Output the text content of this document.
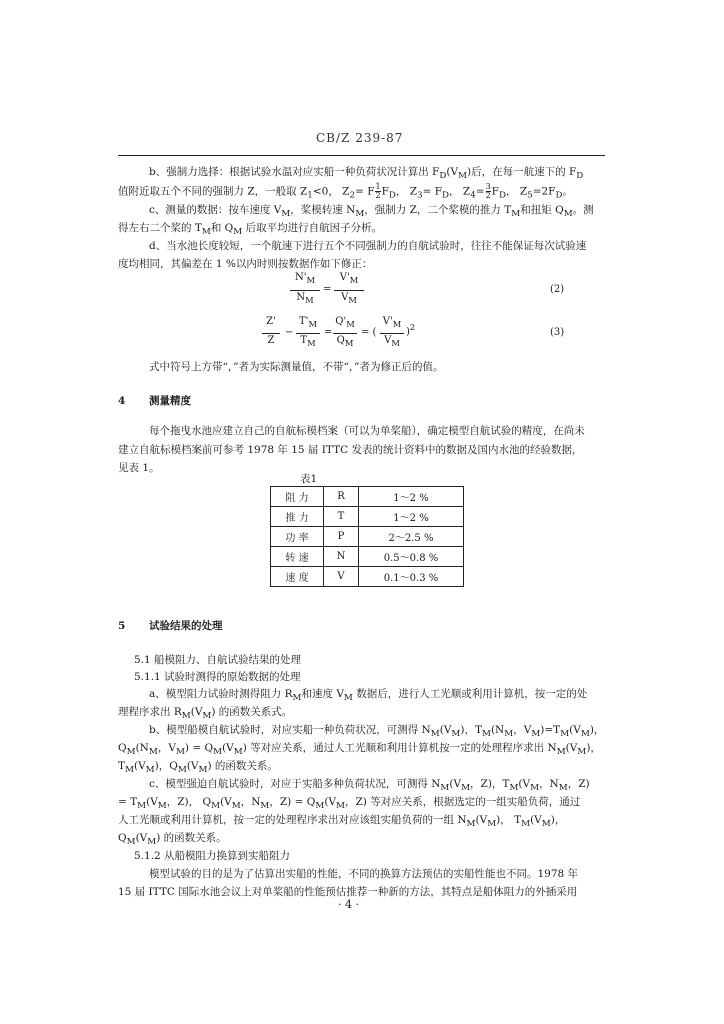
CB/Z 239-87
b、强制力选择：根据试验水温对应实船一种负荷状况计算出 $F_D(V_M)$后，在每一航速下的 $F_D$
值附近取五个不同的强制力 Z，一般取 $Z_1<0$， $Z_2= F \frac{1}{2} F_D$， $Z_3= F_D$， $Z_4= \frac{3}{2} F_D$， $Z_5=2F_D$。
c、测量的数据：按车速度 $V_M$，桨模转速 $N_M$，强制力 Z，二个桨模的推力 $T_M$和扭矩 $Q_M$。测
得左右二个桨的 $T_M$和 $Q_M$ 后取平均进行自航因子分析。
d、当水池长度较短，一个航速下进行五个不同强制力的自航试验时，往往不能保证每次试验速
度均相同，其偏差在 1 %以内时则按数据作如下修正：
$N'_M$
$N_M$
=
$V'_M$
$V_M$
(2)
Z'
Z
−
$T'_M$
$T_M$
=
$Q'_M$
$Q_M$
= (
$V'_M$
$V_M$
)$^2$	(3)
式中符号上方带“，”者为实际测量值，不带“，”者为修正后的值。
4 测量精度
每个拖曳水池应建立自己的自航标模档案（可以为单桨船），确定模型自航试验的精度，在尚未
建立自航标模档案前可参考 1978 年 15 届 ITTC 发表的统计资料中的数据及国内水池的经验数据，
见表 1。
表1
阻 力	R	1～2 %
推 力	T	1～2 %
功 率	P	2～2.5 %
转 速	N	0.5～0.8 %
速 度	V	0.1～0.3 %
5 试验结果的处理
5.1 船模阻力、自航试验结果的处理
5.1.1 试验时测得的原始数据的处理
a、模型阻力试验时测得阻力 $R_M$和速度 $V_M$ 数据后，进行人工光顺或利用计算机，按一定的处
理程序求出 $R_M(V_M)$ 的函数关系式。
b、模型船模自航试验时，对应实船一种负荷状况，可测得 $N_M(V_M)$，$T_M(N_M$，$V_M)=T_M(V_M)$，
$Q_M(N_M$，$V_M) = Q_M(V_M)$ 等对应关系，通过人工光顺和利用计算机按一定的处理程序求出 $N_M(V_M)$，
$T_M(V_M)$，$Q_M(V_M)$ 的函数关系。
c、模型强迫自航试验时，对应于实船多种负荷状况，可测得 $N_M(V_M$，Z)，$T_M(V_M$，$N_M$，Z)
= $T_M(V_M$，Z)， $Q_M(V_M$，$N_M$，$Z) = Q_M(V_M$，Z) 等对应关系，根据选定的一组实船负荷，通过
人工光顺或利用计算机，按一定的处理程序求出对应该组实船负荷的一组 $N_M(V_M)$， $T_M(V_M)$，
$Q_M(V_M)$ 的函数关系。
5.1.2 从船模阻力换算到实船阻力
模型试验的目的是为了估算出实船的性能，不同的换算方法预估的实船性能也不同。1978 年
15 届 ITTC 国际水池会议上对单桨船的性能预估推荐一种新的方法，其特点是船体阻力的外插采用
· 4 ·
